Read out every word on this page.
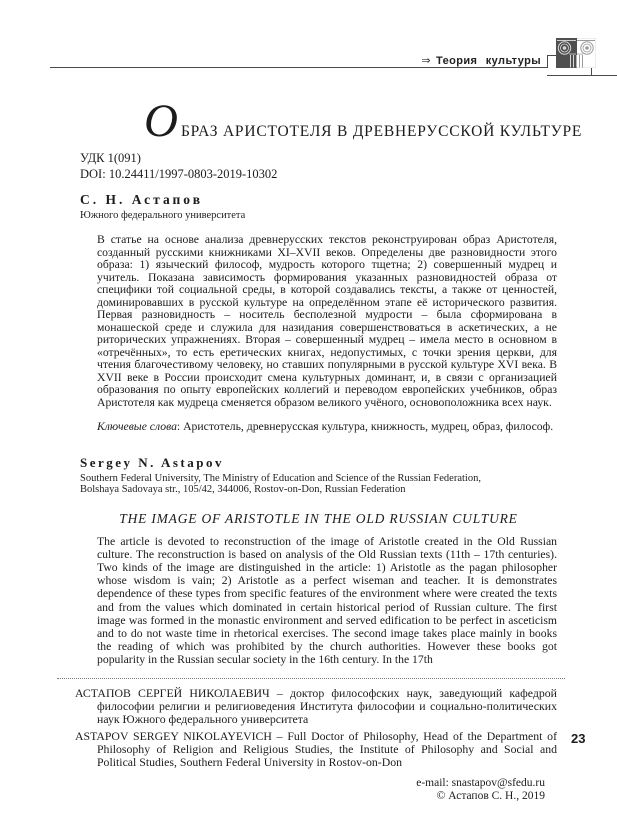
⇒ Теория культуры
ОБРАЗ АРИСТОТЕЛЯ В ДРЕВНЕРУССКОЙ КУЛЬТУРЕ
УДК 1(091)
DOI: 10.24411/1997-0803-2019-10302
С. Н. Астапов
Южного федерального университета
В статье на основе анализа древнерусских текстов реконструирован образ Аристотеля, созданный русскими книжниками XI–XVII веков. Определены две разновидности этого образа: 1) языческий философ, мудрость которого тщетна; 2) совершенный мудрец и учитель. Показана зависимость формирования указанных разновидностей образа от специфики той социальной среды, в которой создавались тексты, а также от ценностей, доминировавших в русской культуре на определённом этапе её исторического развития. Первая разновидность – носитель бесполезной мудрости – была сформирована в монашеской среде и служила для назидания совершенствоваться в аскетических, а не риторических упражнениях. Вторая – совершенный мудрец – имела место в основном в «отречённых», то есть еретических книгах, недопустимых, с точки зрения церкви, для чтения благочестивому человеку, но ставших популярными в русской культуре XVI века. В XVII веке в России происходит смена культурных доминант, и, в связи с организацией образования по опыту европейских коллегий и переводом европейских учебников, образ Аристотеля как мудреца сменяется образом великого учёного, основоположника всех наук.
Ключевые слова: Аристотель, древнерусская культура, книжность, мудрец, образ, философ.
Sergey N. Astapov
Southern Federal University, The Ministry of Education and Science of the Russian Federation,
Bolshaya Sadovaya str., 105/42, 344006, Rostov-on-Don, Russian Federation
THE IMAGE OF ARISTOTLE IN THE OLD RUSSIAN CULTURE
The article is devoted to reconstruction of the image of Aristotle created in the Old Russian culture. The reconstruction is based on analysis of the Old Russian texts (11th – 17th centuries). Two kinds of the image are distinguished in the article: 1) Aristotle as the pagan philosopher whose wisdom is vain; 2) Aristotle as a perfect wiseman and teacher. It is demonstrates dependence of these types from specific features of the environment where were created the texts and from the values which dominated in certain historical period of Russian culture. The first image was formed in the monastic environment and served edification to be perfect in asceticism and to do not waste time in rhetorical exercises. The second image takes place mainly in books the reading of which was prohibited by the church authorities. However these books got popularity in the Russian secular society in the 16th century. In the 17th
АСТАПОВ СЕРГЕЙ НИКОЛАЕВИЧ – доктор философских наук, заведующий кафедрой философии религии и религиоведения Института философии и социально-политических наук Южного федерального университета
ASTAPOV SERGEY NIKOLAYEVICH – Full Doctor of Philosophy, Head of the Department of Philosophy of Religion and Religious Studies, the Institute of Philosophy and Social and Political Studies, Southern Federal University in Rostov-on-Don
e-mail: snastapov@sfedu.ru
© Астапов С. Н., 2019
23
